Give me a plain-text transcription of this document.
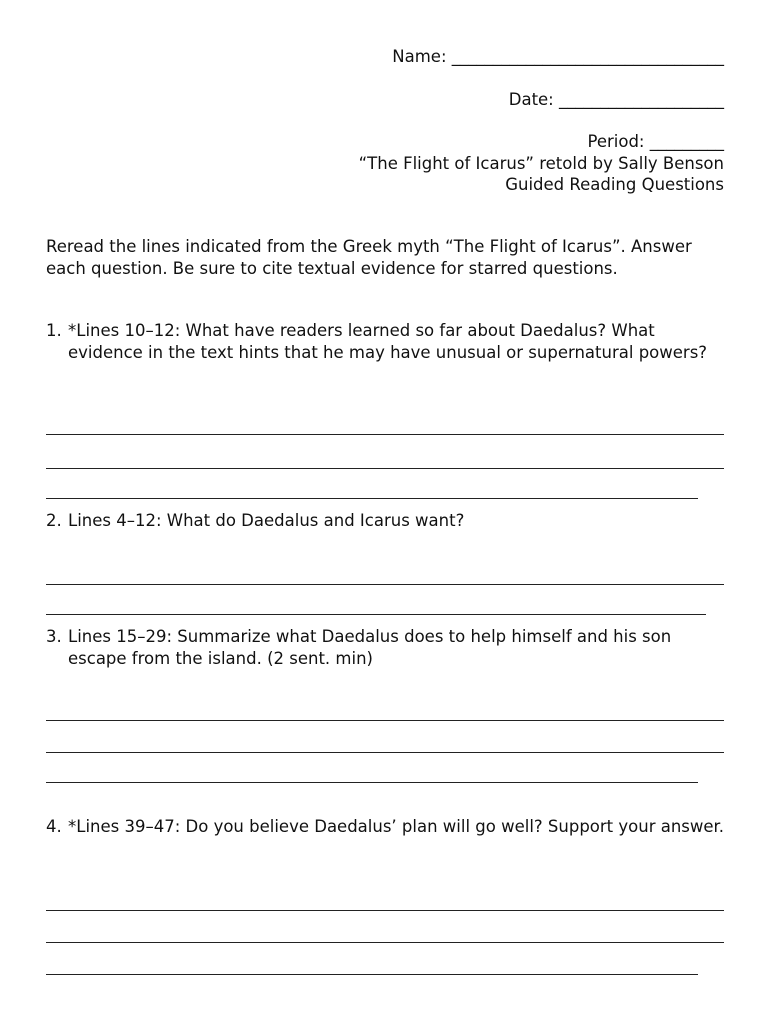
Name: _________________________________
Date: ____________________
Period: _________
“The Flight of Icarus” retold by Sally Benson
Guided Reading Questions
Reread the lines indicated from the Greek myth “The Flight of Icarus”. Answer each question. Be sure to cite textual evidence for starred questions.
1. *Lines 10–12: What have readers learned so far about Daedalus? What evidence in the text hints that he may have unusual or supernatural powers?
2. Lines 4–12: What do Daedalus and Icarus want?
3. Lines 15–29: Summarize what Daedalus does to help himself and his son escape from the island. (2 sent. min)
4. *Lines 39–47: Do you believe Daedalus’ plan will go well? Support your answer.
